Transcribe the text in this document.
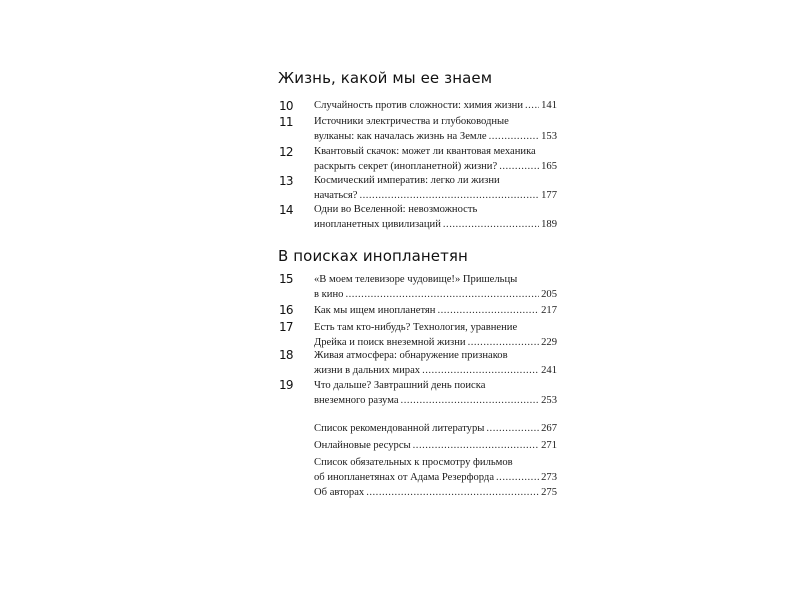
Жизнь, какой мы ее знаем
10 Случайность против сложности: химия жизни ..... 141
11 Источники электричества и глубоководные
вулканы: как началась жизнь на Земле .....	153
12 Квантовый скачок: может ли квантовая механика
раскрыть секрет (инопланетной) жизни? .....	165
13 Космический императив: легко ли жизни
начаться? .....	177
14 Одни во Вселенной: невозможность
инопланетных цивилизаций .....	189
В поисках инопланетян
15 «В моем телевизоре чудовище!» Пришельцы
в кино .....	205
16 Как мы ищем инопланетян .....	217
17 Есть там кто-нибудь? Технология, уравнение
Дрейка и поиск внеземной жизни .....	229
18 Живая атмосфера: обнаружение признаков
жизни в дальних мирах .....	241
19 Что дальше? Завтрашний день поиска
внеземного разума .....	253
Список рекомендованной литературы .....	267
Онлайновые ресурсы .....	271
Список обязательных к просмотру фильмов
об инопланетянах от Адама Резерфорда .....	273
Об авторах .....	275
